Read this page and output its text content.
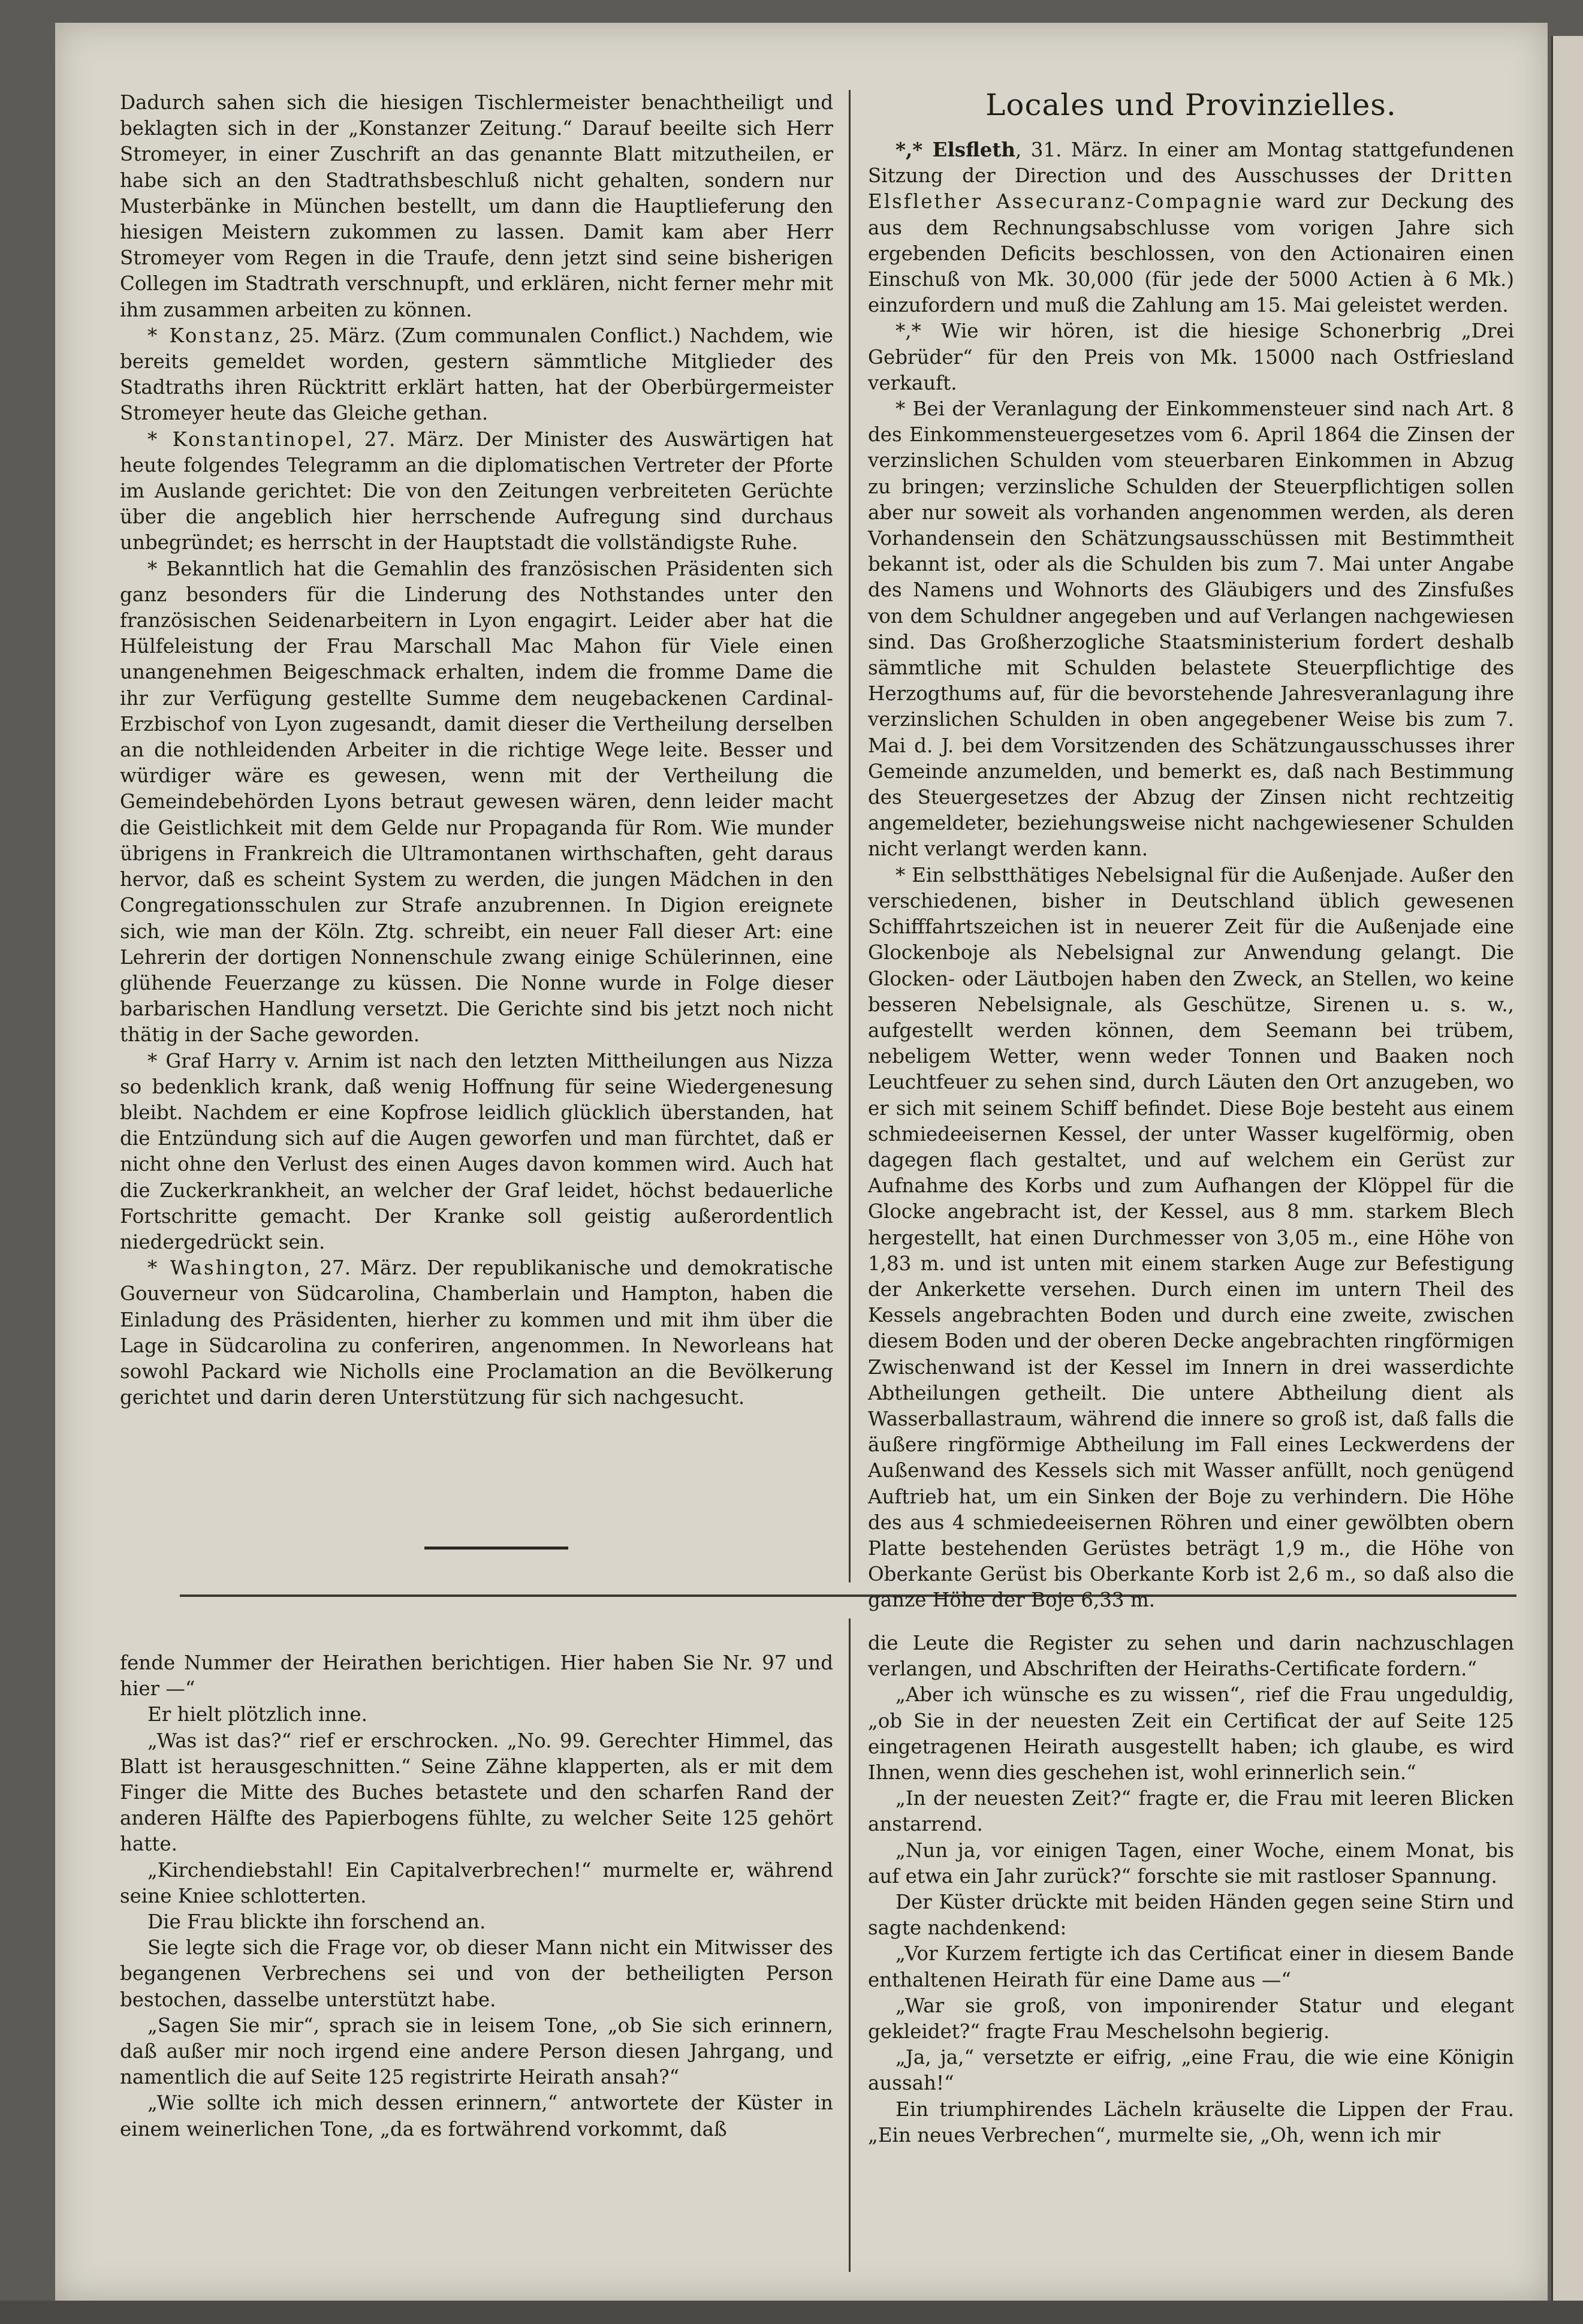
Dadurch sahen sich die hiesigen Tischlermeister benachtheiligt und beklagten sich in der „Konstanzer Zeitung.“ Darauf beeilte sich Herr Stromeyer, in einer Zuschrift an das genannte Blatt mitzutheilen, er habe sich an den Stadtrathsbeschluß nicht gehalten, sondern nur Musterbänke in München bestellt, um dann die Hauptlieferung den hiesigen Meistern zukommen zu lassen. Damit kam aber Herr Stromeyer vom Regen in die Traufe, denn jetzt sind seine bisherigen Collegen im Stadtrath verschnupft, und erklären, nicht ferner mehr mit ihm zusammen arbeiten zu können.

* Konstanz, 25. März. (Zum communalen Conflict.) Nachdem, wie bereits gemeldet worden, gestern sämmtliche Mitglieder des Stadtraths ihren Rücktritt erklärt hatten, hat der Oberbürgermeister Stromeyer heute das Gleiche gethan.

* Konstantinopel, 27. März. Der Minister des Auswärtigen hat heute folgendes Telegramm an die diplomatischen Vertreter der Pforte im Auslande gerichtet: Die von den Zeitungen verbreiteten Gerüchte über die angeblich hier herrschende Aufregung sind durchaus unbegründet; es herrscht in der Hauptstadt die vollständigste Ruhe.

* Bekanntlich hat die Gemahlin des französischen Präsidenten sich ganz besonders für die Linderung des Nothstandes unter den französischen Seidenarbeitern in Lyon engagirt. Leider aber hat die Hülfeleistung der Frau Marschall Mac Mahon für Viele einen unangenehmen Beigeschmack erhalten, indem die fromme Dame die ihr zur Verfügung gestellte Summe dem neugebackenen Cardinal-Erzbischof von Lyon zugesandt, damit dieser die Vertheilung derselben an die nothleidenden Arbeiter in die richtige Wege leite. Besser und würdiger wäre es gewesen, wenn mit der Vertheilung die Gemeindebehörden Lyons betraut gewesen wären, denn leider macht die Geistlichkeit mit dem Gelde nur Propaganda für Rom. Wie munder übrigens in Frankreich die Ultramontanen wirthschaften, geht daraus hervor, daß es scheint System zu werden, die jungen Mädchen in den Congregationsschulen zur Strafe anzubrennen. In Digion ereignete sich, wie man der Köln. Ztg. schreibt, ein neuer Fall dieser Art: eine Lehrerin der dortigen Nonnenschule zwang einige Schülerinnen, eine glühende Feuerzange zu küssen. Die Nonne wurde in Folge dieser barbarischen Handlung versetzt. Die Gerichte sind bis jetzt noch nicht thätig in der Sache geworden.

* Graf Harry v. Arnim ist nach den letzten Mittheilungen aus Nizza so bedenklich krank, daß wenig Hoffnung für seine Wiedergenesung bleibt. Nachdem er eine Kopfrose leidlich glücklich überstanden, hat die Entzündung sich auf die Augen geworfen und man fürchtet, daß er nicht ohne den Verlust des einen Auges davon kommen wird. Auch hat die Zuckerkrankheit, an welcher der Graf leidet, höchst bedauerliche Fortschritte gemacht. Der Kranke soll geistig außerordentlich niedergedrückt sein.

* Washington, 27. März. Der republikanische und demokratische Gouverneur von Südcarolina, Chamberlain und Hampton, haben die Einladung des Präsidenten, hierher zu kommen und mit ihm über die Lage in Südcarolina zu conferiren, angenommen. In Neworleans hat sowohl Packard wie Nicholls eine Proclamation an die Bevölkerung gerichtet und darin deren Unterstützung für sich nachgesucht.

Locales und Provinzielles.

*,* Elsfleth, 31. März. In einer am Montag stattgefundenen Sitzung der Direction und des Ausschusses der Dritten Elsflether Assecuranz-Compagnie ward zur Deckung des aus dem Rechnungsabschlusse vom vorigen Jahre sich ergebenden Deficits beschlossen, von den Actionairen einen Einschuß von Mk. 30,000 (für jede der 5000 Actien à 6 Mk.) einzufordern und muß die Zahlung am 15. Mai geleistet werden.

*,* Wie wir hören, ist die hiesige Schonerbrig „Drei Gebrüder“ für den Preis von Mk. 15000 nach Ostfriesland verkauft.

* Bei der Veranlagung der Einkommensteuer sind nach Art. 8 des Einkommensteuergesetzes vom 6. April 1864 die Zinsen der verzinslichen Schulden vom steuerbaren Einkommen in Abzug zu bringen; verzinsliche Schulden der Steuerpflichtigen sollen aber nur soweit als vorhanden angenommen werden, als deren Vorhandensein den Schätzungsausschüssen mit Bestimmtheit bekannt ist, oder als die Schulden bis zum 7. Mai unter Angabe des Namens und Wohnorts des Gläubigers und des Zinsfußes von dem Schuldner angegeben und auf Verlangen nachgewiesen sind. Das Großherzogliche Staatsministerium fordert deshalb sämmtliche mit Schulden belastete Steuerpflichtige des Herzogthums auf, für die bevorstehende Jahresveranlagung ihre verzinslichen Schulden in oben angegebener Weise bis zum 7. Mai d. J. bei dem Vorsitzenden des Schätzungausschusses ihrer Gemeinde anzumelden, und bemerkt es, daß nach Bestimmung des Steuergesetzes der Abzug der Zinsen nicht rechtzeitig angemeldeter, beziehungsweise nicht nachgewiesener Schulden nicht verlangt werden kann.

* Ein selbstthätiges Nebelsignal für die Außenjade. Außer den verschiedenen, bisher in Deutschland üblich gewesenen Schifffahrtszeichen ist in neuerer Zeit für die Außenjade eine Glockenboje als Nebelsignal zur Anwendung gelangt. Die Glocken- oder Läutbojen haben den Zweck, an Stellen, wo keine besseren Nebelsignale, als Geschütze, Sirenen u. s. w., aufgestellt werden können, dem Seemann bei trübem, nebeligem Wetter, wenn weder Tonnen und Baaken noch Leuchtfeuer zu sehen sind, durch Läuten den Ort anzugeben, wo er sich mit seinem Schiff befindet. Diese Boje besteht aus einem schmiedeeisernen Kessel, der unter Wasser kugelförmig, oben dagegen flach gestaltet, und auf welchem ein Gerüst zur Aufnahme des Korbs und zum Aufhangen der Klöppel für die Glocke angebracht ist, der Kessel, aus 8 mm. starkem Blech hergestellt, hat einen Durchmesser von 3,05 m., eine Höhe von 1,83 m. und ist unten mit einem starken Auge zur Befestigung der Ankerkette versehen. Durch einen im untern Theil des Kessels angebrachten Boden und durch eine zweite, zwischen diesem Boden und der oberen Decke angebrachten ringförmigen Zwischenwand ist der Kessel im Innern in drei wasserdichte Abtheilungen getheilt. Die untere Abtheilung dient als Wasserballastraum, während die innere so groß ist, daß falls die äußere ringförmige Abtheilung im Fall eines Leckwerdens der Außenwand des Kessels sich mit Wasser anfüllt, noch genügend Auftrieb hat, um ein Sinken der Boje zu verhindern. Die Höhe des aus 4 schmiedeeisernen Röhren und einer gewölbten obern Platte bestehenden Gerüstes beträgt 1,9 m., die Höhe von Oberkante Gerüst bis Oberkante Korb ist 2,6 m., so daß also die ganze Höhe der Boje 6,33 m.

fende Nummer der Heirathen berichtigen. Hier haben Sie Nr. 97 und hier —“

Er hielt plötzlich inne.

„Was ist das?“ rief er erschrocken. „No. 99. Gerechter Himmel, das Blatt ist herausgeschnitten.“ Seine Zähne klapperten, als er mit dem Finger die Mitte des Buches betastete und den scharfen Rand der anderen Hälfte des Papierbogens fühlte, zu welcher Seite 125 gehört hatte.

„Kirchendiebstahl! Ein Capitalverbrechen!“ murmelte er, während seine Kniee schlotterten.

Die Frau blickte ihn forschend an.

Sie legte sich die Frage vor, ob dieser Mann nicht ein Mitwisser des begangenen Verbrechens sei und von der betheiligten Person bestochen, dasselbe unterstützt habe.

„Sagen Sie mir“, sprach sie in leisem Tone, „ob Sie sich erinnern, daß außer mir noch irgend eine andere Person diesen Jahrgang, und namentlich die auf Seite 125 registrirte Heirath ansah?“

„Wie sollte ich mich dessen erinnern,“ antwortete der Küster in einem weinerlichen Tone, „da es fortwährend vorkommt, daß

die Leute die Register zu sehen und darin nachzuschlagen verlangen, und Abschriften der Heiraths-Certificate fordern.“

„Aber ich wünsche es zu wissen“, rief die Frau ungeduldig, „ob Sie in der neuesten Zeit ein Certificat der auf Seite 125 eingetragenen Heirath ausgestellt haben; ich glaube, es wird Ihnen, wenn dies geschehen ist, wohl erinnerlich sein.“

„In der neuesten Zeit?“ fragte er, die Frau mit leeren Blicken anstarrend.

„Nun ja, vor einigen Tagen, einer Woche, einem Monat, bis auf etwa ein Jahr zurück?“ forschte sie mit rastloser Spannung.

Der Küster drückte mit beiden Händen gegen seine Stirn und sagte nachdenkend:

„Vor Kurzem fertigte ich das Certificat einer in diesem Bande enthaltenen Heirath für eine Dame aus —“

„War sie groß, von imponirender Statur und elegant gekleidet?“ fragte Frau Meschelsohn begierig.

„Ja, ja,“ versetzte er eifrig, „eine Frau, die wie eine Königin aussah!“

Ein triumphirendes Lächeln kräuselte die Lippen der Frau. „Ein neues Verbrechen“, murmelte sie, „Oh, wenn ich mir
